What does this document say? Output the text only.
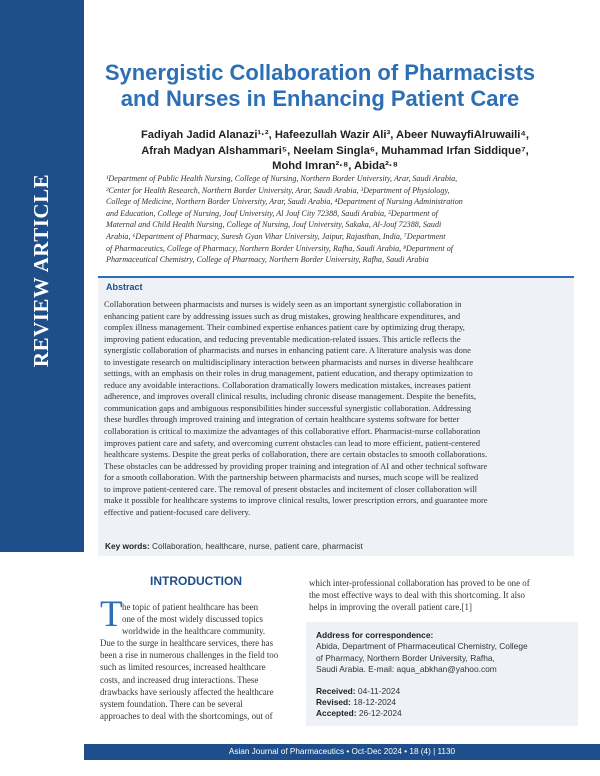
REVIEW ARTICLE
Synergistic Collaboration of Pharmacists
and Nurses in Enhancing Patient Care
Fadiyah Jadid Alanazi¹·², Hafeezullah Wazir Ali³, Abeer NuwayfiAlruwaili⁴,
Afrah Madyan Alshammari⁵, Neelam Singla⁶, Muhammad Irfan Siddique⁷,
Mohd Imran²·⁸, Abida²·⁸
¹Department of Public Health Nursing, College of Nursing, Northern Border University, Arar, Saudi Arabia,
²Center for Health Research, Northern Border University, Arar, Saudi Arabia, ³Department of Physiology,
College of Medicine, Northern Border University, Arar, Saudi Arabia, ⁴Department of Nursing Administration
and Education, College of Nursing, Jouf University, Al Jouf City 72388, Saudi Arabia, ⁵Department of
Maternal and Child Health Nursing, College of Nursing, Jouf University, Sakaka, Al-Jouf 72388, Saudi
Arabia, ⁶Department of Pharmacy, Suresh Gyan Vihar University, Jaipur, Rajasthan, India, ⁷Department
of Pharmaceutics, College of Pharmacy, Northern Border University, Rafha, Saudi Arabia, ⁸Department of
Pharmaceutical Chemistry, College of Pharmacy, Northern Border University, Rafha, Saudi Arabia
Abstract
Collaboration between pharmacists and nurses is widely seen as an important synergistic collaboration in
enhancing patient care by addressing issues such as drug mistakes, growing healthcare expenditures, and
complex illness management. Their combined expertise enhances patient care by optimizing drug therapy,
improving patient education, and reducing preventable medication-related issues. This article reflects the
synergistic collaboration of pharmacists and nurses in enhancing patient care. A literature analysis was done
to investigate research on multidisciplinary interaction between pharmacists and nurses in diverse healthcare
settings, with an emphasis on their roles in drug management, patient education, and therapy optimization to
reduce any avoidable interactions. Collaboration dramatically lowers medication mistakes, increases patient
adherence, and improves overall clinical results, including chronic disease management. Despite the benefits,
communication gaps and ambiguous responsibilities hinder successful synergistic collaboration. Addressing
these hurdles through improved training and integration of certain healthcare systems software for better
collaboration is critical to maximize the advantages of this collaborative effort. Pharmacist-nurse collaboration
improves patient care and safety, and overcoming current obstacles can lead to more efficient, patient-centered
healthcare systems. Despite the great perks of collaboration, there are certain obstacles to smooth collaborations.
These obstacles can be addressed by providing proper training and integration of AI and other technical software
for a smooth collaboration. With the partnership between pharmacists and nurses, much scope will be realized
to improve patient-centered care. The removal of present obstacles and incitement of closer collaboration will
make it possible for healthcare systems to improve clinical results, lower prescription errors, and guarantee more
effective and patient-focused care delivery.
Key words: Collaboration, healthcare, nurse, patient care, pharmacist
INTRODUCTION
T he topic of patient healthcare has been
one of the most widely discussed topics
worldwide in the healthcare community.
Due to the surge in healthcare services, there has
been a rise in numerous challenges in the field too
such as limited resources, increased healthcare
costs, and increased drug interactions. These
drawbacks have seriously affected the healthcare
system foundation. There can be several
approaches to deal with the shortcomings, out of
which inter-professional collaboration has proved to be one of
the most effective ways to deal with this shortcoming. It also
helps in improving the overall patient care.[1]
Address for correspondence:
Abida, Department of Pharmaceutical Chemistry, College
of Pharmacy, Northern Border University, Rafha,
Saudi Arabia. E-mail: aqua_abkhan@yahoo.com
Received: 04-11-2024
Revised: 18-12-2024
Accepted: 26-12-2024
Asian Journal of Pharmaceutics • Oct-Dec 2024 • 18 (4) | 1130
